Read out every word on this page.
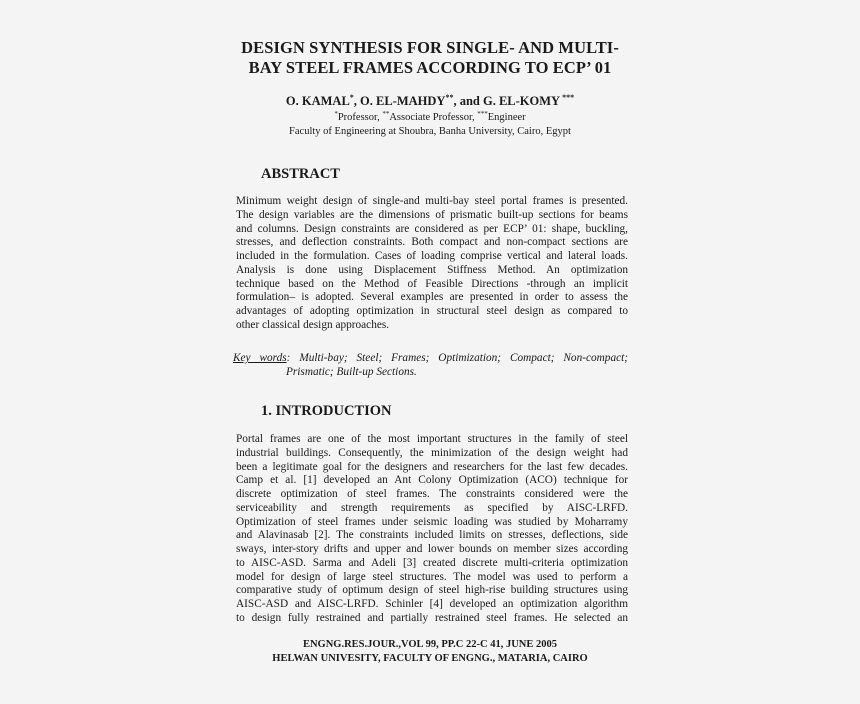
DESIGN SYNTHESIS FOR SINGLE- AND MULTI-
BAY STEEL FRAMES ACCORDING TO ECP’ 01
O. KAMAL*, O. EL-MAHDY**, and G. EL-KOMY ***
*Professor, **Associate Professor, ***Engineer
Faculty of Engineering at Shoubra, Banha University, Cairo, Egypt
ABSTRACT
Minimum weight design of single-and multi-bay steel portal frames is presented.
The design variables are the dimensions of prismatic built-up sections for beams
and columns. Design constraints are considered as per ECP’ 01: shape, buckling,
stresses, and deflection constraints. Both compact and non-compact sections are
included in the formulation. Cases of loading comprise vertical and lateral loads.
Analysis is done using Displacement Stiffness Method. An optimization
technique based on the Method of Feasible Directions -through an implicit
formulation– is adopted. Several examples are presented in order to assess the
advantages of adopting optimization in structural steel design as compared to
other classical design approaches.
Key words: Multi-bay; Steel; Frames; Optimization; Compact; Non-compact;
Prismatic; Built-up Sections.
1. INTRODUCTION
Portal frames are one of the most important structures in the family of steel
industrial buildings. Consequently, the minimization of the design weight had
been a legitimate goal for the designers and researchers for the last few decades.
Camp et al. [1] developed an Ant Colony Optimization (ACO) technique for
discrete optimization of steel frames. The constraints considered were the
serviceability and strength requirements as specified by AISC-LRFD.
Optimization of steel frames under seismic loading was studied by Moharramy
and Alavinasab [2]. The constraints included limits on stresses, deflections, side
sways, inter-story drifts and upper and lower bounds on member sizes according
to AISC-ASD. Sarma and Adeli [3] created discrete multi-criteria optimization
model for design of large steel structures. The model was used to perform a
comparative study of optimum design of steel high-rise building structures using
AISC-ASD and AISC-LRFD. Schinler [4] developed an optimization algorithm
to design fully restrained and partially restrained steel frames. He selected an
ENGNG.RES.JOUR.,VOL 99, PP.C 22-C 41, JUNE 2005
HELWAN UNIVESITY, FACULTY OF ENGNG., MATARIA, CAIRO
